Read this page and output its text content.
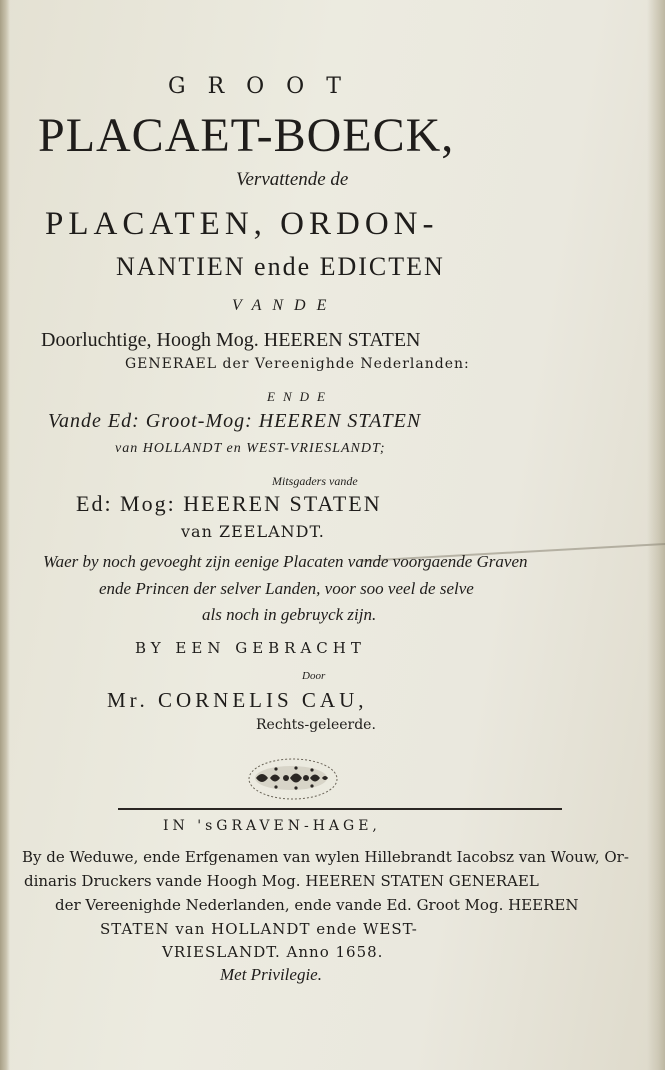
GROOT
PLACAET-BOECK,
Vervattende de
PLACATEN, ORDON-
NANTIEN ende EDICTEN
VANDE
Doorluchtige, Hoogh Mog. HEEREN STATEN
GENERAEL der Vereenighde Nederlanden:
ENDE
Vande Ed: Groot-Mog: HEEREN STATEN
van HOLLANDT en WEST-VRIESLANDT;
Mitsgaders vande
Ed: Mog: HEEREN STATEN
van ZEELANDT.
Waer by noch gevoeght zijn eenige Placaten vande voorgaende Graven
ende Princen der selver Landen, voor soo veel de selve
als noch in gebruyck zijn.
BY EEN GEBRACHT
Door
Mr. CORNELIS CAU,
Rechts-geleerde.
IN 'sGRAVEN-HAGE,
By de Weduwe, ende Erfgenamen van wylen Hillebrandt Iacobsz van Wouw, Or-
dinaris Druckers vande Hoogh Mog. HEEREN STATEN GENERAEL
der Vereenighde Nederlanden, ende vande Ed. Groot Mog. HEEREN
STATEN van HOLLANDT ende WEST-
VRIESLANDT. Anno 1658.
Met Privilegie.
